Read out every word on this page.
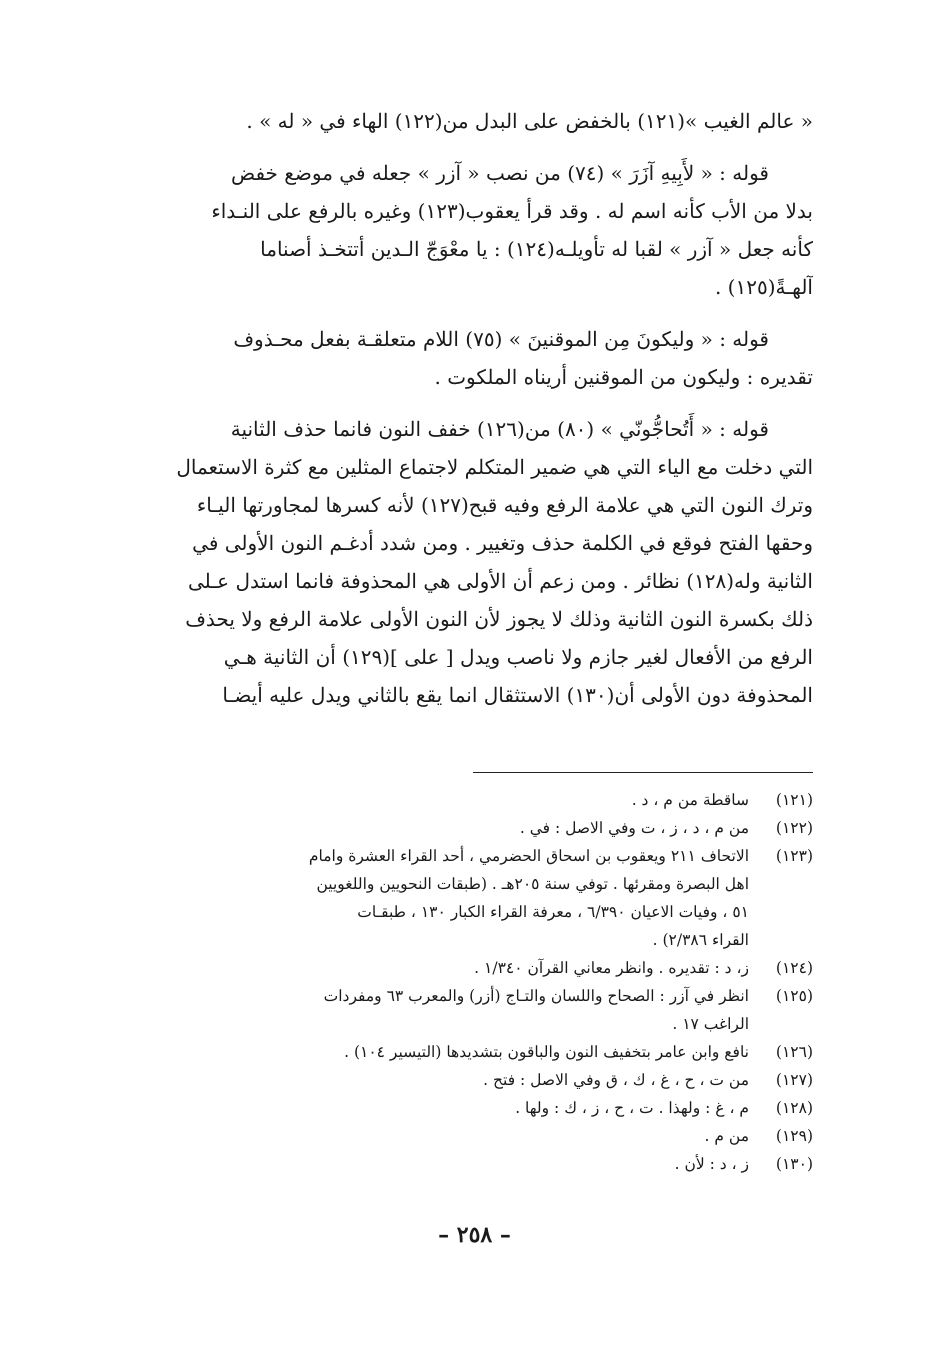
« عالم الغيب »(١٢١) بالخفض على البدل من(١٢٢) الهاء في « له » .
قوله : « لأَبِيهِ آزَرَ » (٧٤) من نصب « آزر » جعله في موضع خفض
بدلا من الأب كأنه اسم له . وقد قرأ يعقوب(١٢٣) وغيره بالرفع على النـداء
كأنه جعل « آزر » لقبا له تأويلـه(١٢٤) : يا معْوَجّ الـدين أتتخـذ أصناما
آلهـةً(١٢٥) .
قوله : « وليكونَ مِن الموقنينَ » (٧٥) اللام متعلقـة بفعل محـذوف
تقديره : وليكون من الموقنين أريناه الملكوت .
قوله : « أَتُحاجُّونّي » (٨٠) من(١٢٦) خفف النون فانما حذف الثانية
التي دخلت مع الياء التي هي ضمير المتكلم لاجتماع المثلين مع كثرة الاستعمال
وترك النون التي هي علامة الرفع وفيه قبح(١٢٧) لأنه كسرها لمجاورتها اليـاء
وحقها الفتح فوقع في الكلمة حذف وتغيير . ومن شدد أدغـم النون الأولى في
الثانية وله(١٢٨) نظائر . ومن زعم أن الأولى هي المحذوفة فانما استدل عـلى
ذلك بكسرة النون الثانية وذلك لا يجوز لأن النون الأولى علامة الرفع ولا يحذف
الرفع من الأفعال لغير جازم ولا ناصب ويدل [ على ](١٢٩) أن الثانية هـي
المحذوفة دون الأولى أن(١٣٠) الاستثقال انما يقع بالثاني ويدل عليه أيضـا
(١٢١)
ساقطة من م ، د .
(١٢٢)
من م ، د ، ز ، ت وفي الاصل : في .
(١٢٣)
الاتحاف ٢١١ ويعقوب بن اسحاق الحضرمي ، أحد القراء العشرة وامام
اهل البصرة ومقرئها . توفي سنة ٢٠٥هـ . (طبقات النحويين واللغويين
٥١ ، وفيات الاعيان ٦/٣٩٠ ، معرفة القراء الكبار ١٣٠ ، طبقـات
القراء ٢/٣٨٦) .
(١٢٤)
ز، د : تقديره . وانظر معاني القرآن ١/٣٤٠ .
(١٢٥)
انظر في آزر : الصحاح واللسان والتـاج (أزر) والمعرب ٦٣ ومفردات
الراغب ١٧ .
(١٢٦)
نافع وابن عامر بتخفيف النون والباقون بتشديدها (التيسير ١٠٤) .
(١٢٧)
من ت ، ح ، غ ، ك ، ق وفي الاصل : فتح .
(١٢٨)
م ، غ : ولهذا . ت ، ح ، ز ، ك : ولها .
(١٢٩)
من م .
(١٣٠)
ز ، د : لأن .
– ٢٥٨ –
